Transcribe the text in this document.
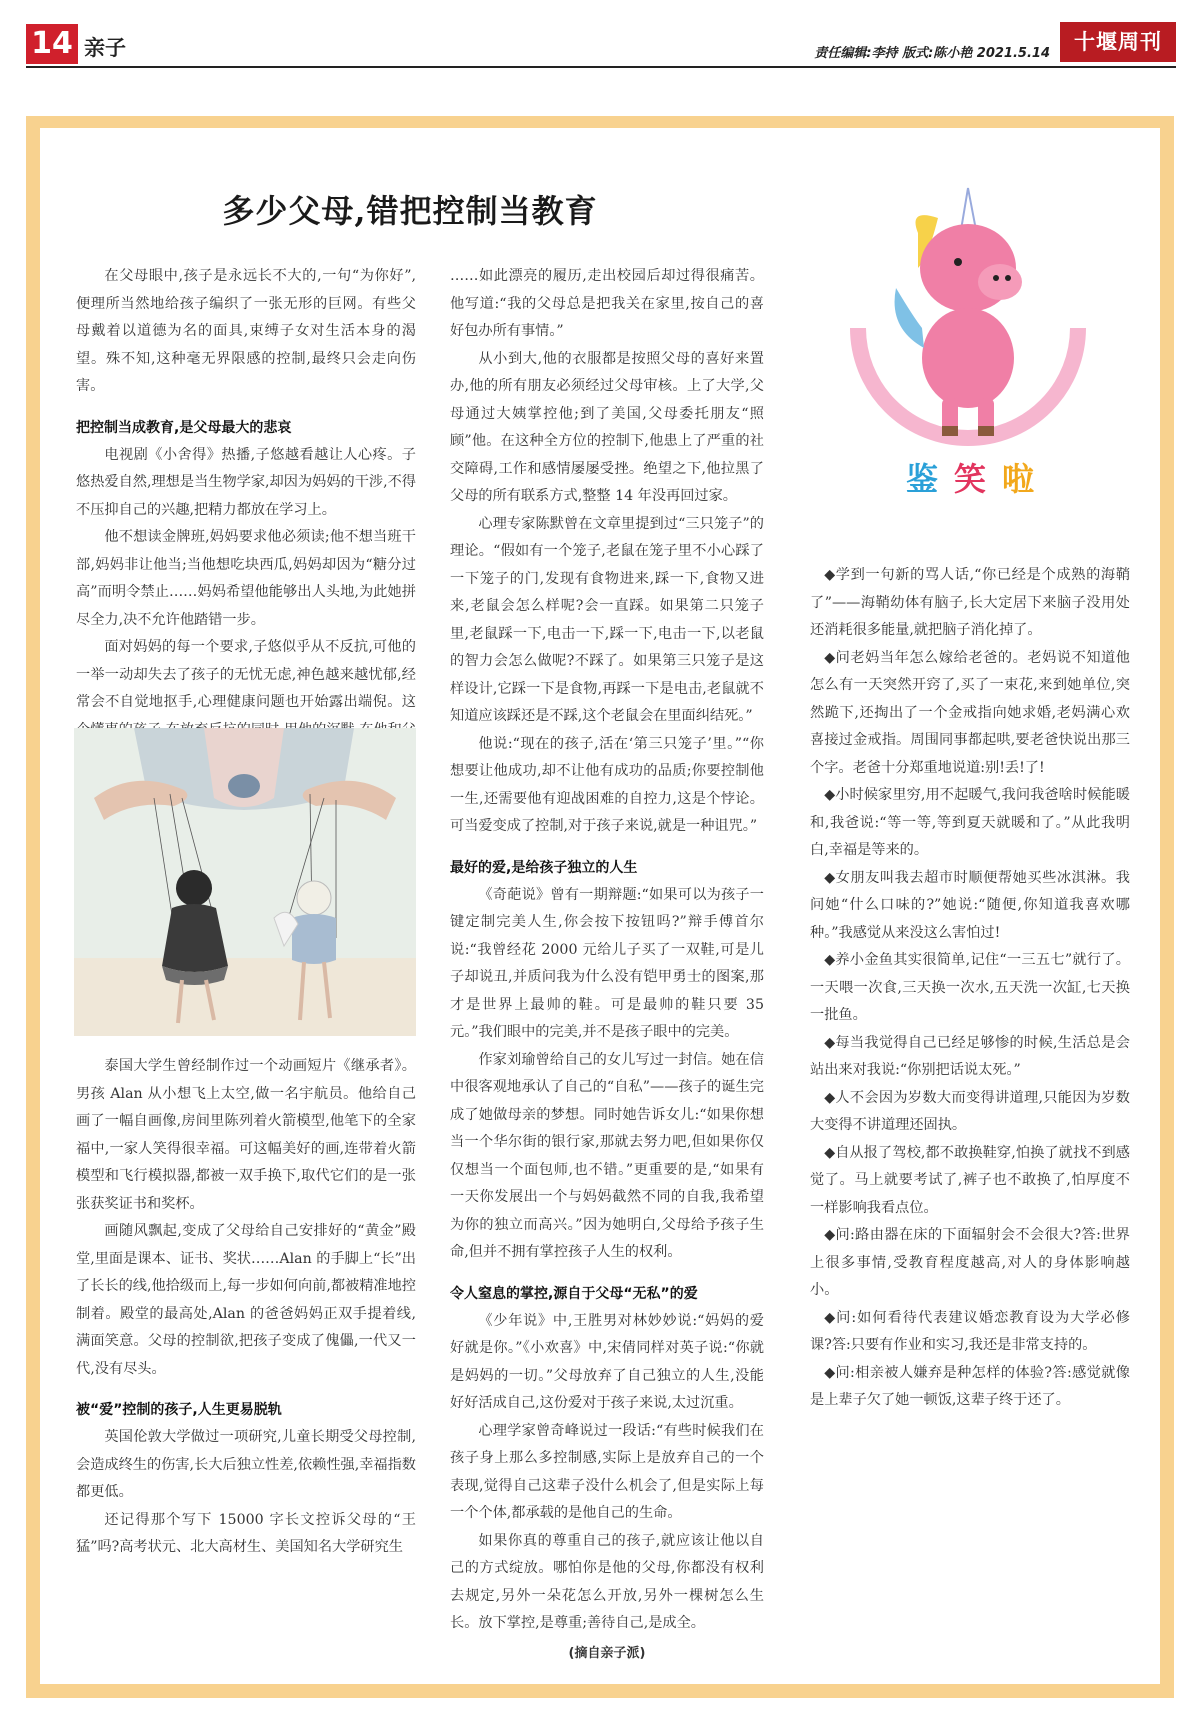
14 亲子	责任编辑:李持 版式:陈小艳 2021.5.14	十堰周刊
多少父母,错把控制当教育

在父母眼中,孩子是永远长不大的,一句“为你好”,便理所当然地给孩子编织了一张无形的巨网。有些父母戴着以道德为名的面具,束缚子女对生活本身的渴望。殊不知,这种毫无界限感的控制,最终只会走向伤害。

把控制当成教育,是父母最大的悲哀

电视剧《小舍得》热播,子悠越看越让人心疼。子悠热爱自然,理想是当生物学家,却因为妈妈的干涉,不得不压抑自己的兴趣,把精力都放在学习上。

他不想读金牌班,妈妈要求他必须读;他不想当班干部,妈妈非让他当;当他想吃块西瓜,妈妈却因为“糖分过高”而明令禁止……妈妈希望他能够出人头地,为此她拼尽全力,决不允许他踏错一步。

面对妈妈的每一个要求,子悠似乎从不反抗,可他的一举一动却失去了孩子的无忧无虑,神色越来越忧郁,经常会不自觉地抠手,心理健康问题也开始露出端倪。这

泰国大学生曾经制作过一个动画短片《继承者》。男孩 Alan 从小想飞上太空,做一名宇航员。他给自己画了一幅自画像,房间里陈列着火箭模型,他笔下的全家福中,一家人笑得很幸福。可这幅美好的画,连带着火箭模型和飞行模拟器,都被一双手换下,取代它们的是一张张获奖证书和奖杯。

画随风飘起,变成了父母给自己安排好的“黄金”殿堂,里面是课本、证书、奖状……Alan 的手脚上“长”出了长长的线,他拾级而上,每一步如何向前,都被精准地控制着。殿堂的最高处,Alan 的爸爸妈妈正双手提着线,满面笑意。父母的控制欲,把孩子变成了傀儡,一代又一代,没有尽头。

被“爱”控制的孩子,人生更易脱轨

英国伦敦大学做过一项研究,儿童长期受父母控制,会造成终生的伤害,长大后独立性差,依赖性强,幸福指数都更低。

还记得那个写下 15000 字长文控诉父母的“王猛”吗?高考状元、北大高材生、美国知名大学研究生

……如此漂亮的履历,走出校园后却过得很痛苦。他写道:“我的父母总是把我关在家里,按自己的喜好包办所有事情。”

从小到大,他的衣服都是按照父母的喜好来置办,他的所有朋友必须经过父母审核。上了大学,父母通过大姨掌控他;到了美国,父母委托朋友“照顾”他。在这种全方位的控制下,他患上了严重的社交障碍,工作和感情屡屡受挫。绝望之下,他拉黑了父母的所有联系方式,整整 14 年没再回过家。

心理专家陈默曾在文章里提到过“三只笼子”的理论。“假如有一个笼子,老鼠在笼子里不小心踩了一下笼子的门,发现有食物进来,踩一下,食物又进来,老鼠会怎么样呢?会一直踩。如果第二只笼子里,老鼠踩一下,电击一下,踩一下,电击一下,以老鼠的智力会怎么做呢?不踩了。如果第三只笼子是这样设计,它踩一下是食物,再踩一下是电击,老鼠就不知道应该踩还是不踩,这个老鼠会在里面纠结死。”

他说:“现在的孩子,活在‘第三只笼子’里。”“你想要让他成功,却不让他有成功的品质;你要控制他一生,还需要他有迎战困难的自控力,这是个悖论。可当爱变成了控制,对于孩子来说,就是一种诅咒。”

最好的爱,是给孩子独立的人生

《奇葩说》曾有一期辩题:“如果可以为孩子一键定制完美人生,你会按下按钮吗?”辩手傅首尔说:“我曾经花 2000 元给儿子买了一双鞋,可是儿子却说丑,并质问我为什么没有铠甲勇士的图案,那才是世界上最帅的鞋。可是最帅的鞋只要 35 元。”我们眼中的完美,并不是孩子眼中的完美。

作家刘瑜曾给自己的女儿写过一封信。她在信中很客观地承认了自己的“自私”——孩子的诞生完成了她做母亲的梦想。同时她告诉女儿:“如果你想当一个华尔街的银行家,那就去努力吧,但如果你仅仅想当一个面包师,也不错。”更重要的是,“如果有一天你发展出一个与妈妈截然不同的自我,我希望为你的独立而高兴。”因为她明白,父母给予孩子生命,但并不拥有掌控孩子人生的权利。

令人窒息的掌控,源自于父母“无私”的爱

《少年说》中,王胜男对林妙妙说:“妈妈的爱好就是你。”《小欢喜》中,宋倩同样对英子说:“你就是妈妈的一切。”父母放弃了自己独立的人生,没能好好活成自己,这份爱对于孩子来说,太过沉重。

心理学家曾奇峰说过一段话:“有些时候我们在孩子身上那么多控制感,实际上是放弃自己的一个表现,觉得自己这辈子没什么机会了,但是实际上每一个个体,都承载的是他自己的生命。

如果你真的尊重自己的孩子,就应该让他以自己的方式绽放。哪怕你是他的父母,你都没有权利去规定,另外一朵花怎么开放,另外一棵树怎么生长。放下掌控,是尊重;善待自己,是成全。

(摘自亲子派)
鉴 笑 啦

◆学到一句新的骂人话,“你已经是个成熟的海鞘了”——海鞘幼体有脑子,长大定居下来脑子没用处还消耗很多能量,就把脑子消化掉了。

◆问老妈当年怎么嫁给老爸的。老妈说不知道他怎么有一天突然开窍了,买了一束花,来到她单位,突然跪下,还掏出了一个金戒指向她求婚,老妈满心欢喜接过金戒指。周围同事都起哄,要老爸快说出那三个字。老爸十分郑重地说道:别!丢!了!

◆小时候家里穷,用不起暖气,我问我爸啥时候能暖和,我爸说:“等一等,等到夏天就暖和了。”从此我明白,幸福是等来的。

◆女朋友叫我去超市时顺便帮她买些冰淇淋。我问她“什么口味的?”她说:“随便,你知道我喜欢哪种。”我感觉从来没这么害怕过!

◆养小金鱼其实很简单,记住“一三五七”就行了。一天喂一次食,三天换一次水,五天洗一次缸,七天换一批鱼。

◆每当我觉得自己已经足够惨的时候,生活总是会站出来对我说:“你别把话说太死。”

◆人不会因为岁数大而变得讲道理,只能因为岁数大变得不讲道理还固执。

◆自从报了驾校,都不敢换鞋穿,怕换了就找不到感觉了。马上就要考试了,裤子也不敢换了,怕厚度不一样影响我看点位。

◆问:路由器在床的下面辐射会不会很大?答:世界上很多事情,受教育程度越高,对人的身体影响越小。

◆问:如何看待代表建议婚恋教育设为大学必修课?答:只要有作业和实习,我还是非常支持的。

◆问:相亲被人嫌弃是种怎样的体验?答:感觉就像是上辈子欠了她一顿饭,这辈子终于还了。
